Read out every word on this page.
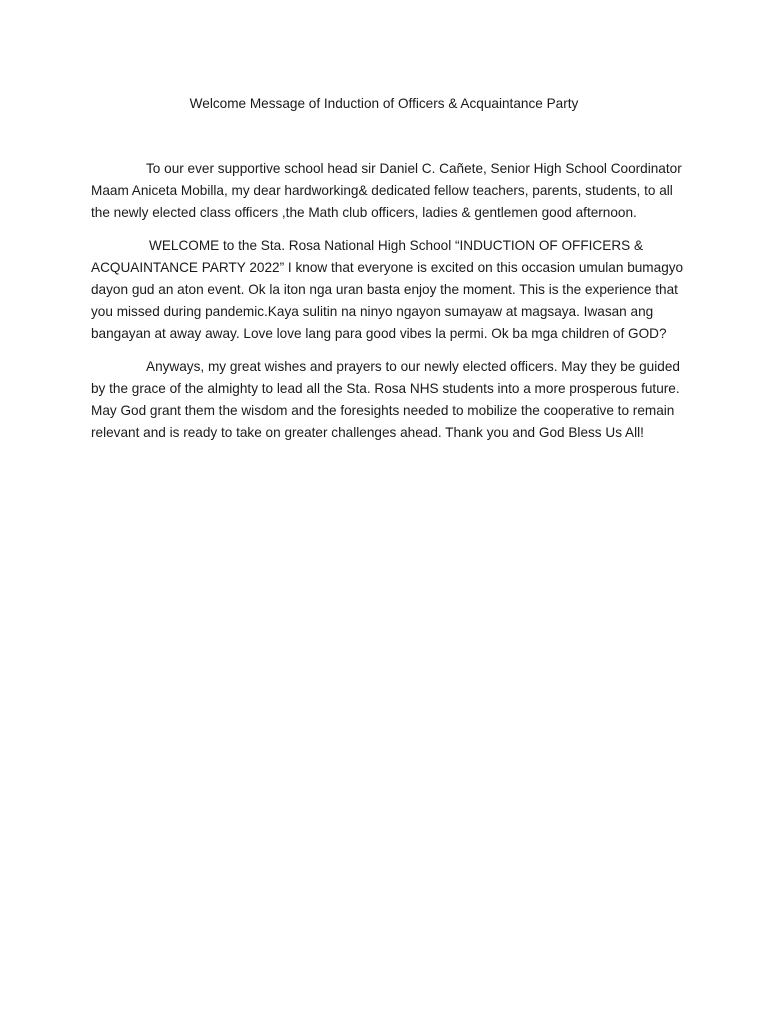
Welcome Message of Induction of Officers & Acquaintance Party

To our ever supportive school head sir Daniel C. Cañete, Senior High School Coordinator Maam Aniceta Mobilla, my dear hardworking& dedicated fellow teachers, parents, students, to all the newly elected class officers ,the Math club officers, ladies & gentlemen good afternoon.

WELCOME to the Sta. Rosa National High School “INDUCTION OF OFFICERS & ACQUAINTANCE PARTY 2022” I know that everyone is excited on this occasion umulan bumagyo dayon gud an aton event. Ok la iton nga uran basta enjoy the moment. This is the experience that you missed during pandemic.Kaya sulitin na ninyo ngayon sumayaw at magsaya. Iwasan ang bangayan at away away. Love love lang para good vibes la permi. Ok ba mga children of GOD?

Anyways, my great wishes and prayers to our newly elected officers. May they be guided by the grace of the almighty to lead all the Sta. Rosa NHS students into a more prosperous future. May God grant them the wisdom and the foresights needed to mobilize the cooperative to remain relevant and is ready to take on greater challenges ahead. Thank you and God Bless Us All!
